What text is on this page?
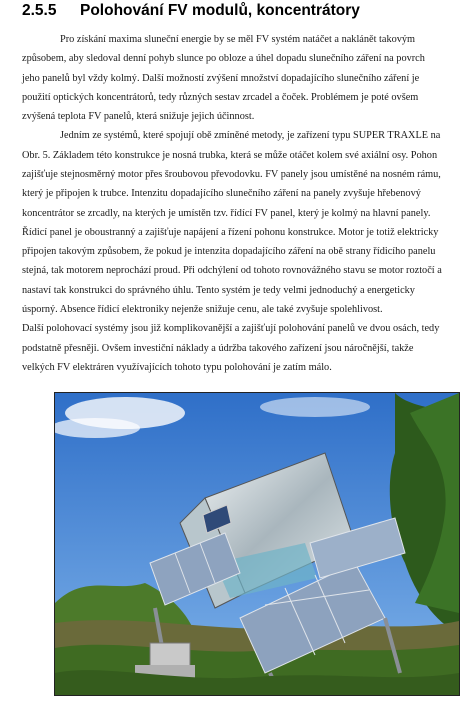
2.5.5 Polohování FV modulů, koncentrátory
Pro získání maxima sluneční energie by se měl FV systém natáčet a naklánět takovým
způsobem, aby sledoval denní pohyb slunce po obloze a úhel dopadu slunečního záření na povrch
jeho panelů byl vždy kolmý. Další možností zvýšení množství dopadajícího slunečního záření je
použití optických koncentrátorů, tedy různých sestav zrcadel a čoček. Problémem je poté ovšem
zvýšená teplota FV panelů, která snižuje jejich účinnost.
Jedním ze systémů, které spojují obě zmíněné metody, je zařízení typu SUPER TRAXLE na
Obr. 5. Základem této konstrukce je nosná trubka, která se může otáčet kolem své axiální osy. Pohon
zajišťuje stejnosměrný motor přes šroubovou převodovku. FV panely jsou umístěné na nosném rámu,
který je připojen k trubce. Intenzitu dopadajícího slunečního záření na panely zvyšuje hřebenový
koncentrátor se zrcadly, na kterých je umístěn tzv. řídící FV panel, který je kolmý na hlavní panely.
Řídicí panel je oboustranný a zajišťuje napájení a řízení pohonu konstrukce. Motor je totiž elektricky
připojen takovým způsobem, že pokud je intenzita dopadajícího záření na obě strany řídicího panelu
stejná, tak motorem neprochází proud. Při odchýlení od tohoto rovnovážného stavu se motor roztočí a
nastaví tak konstrukci do správného úhlu. Tento systém je tedy velmi jednoduchý a energeticky
úsporný. Absence řídicí elektroniky nejenže snižuje cenu, ale také zvyšuje spolehlivost.
Další polohovací systémy jsou již komplikovanější a zajišťují polohování panelů ve dvou osách, tedy
podstatně přesněji. Ovšem investiční náklady a údržba takového zařízení jsou náročnější, takže
velkých FV elektráren využívajících tohoto typu polohování je zatím málo.
